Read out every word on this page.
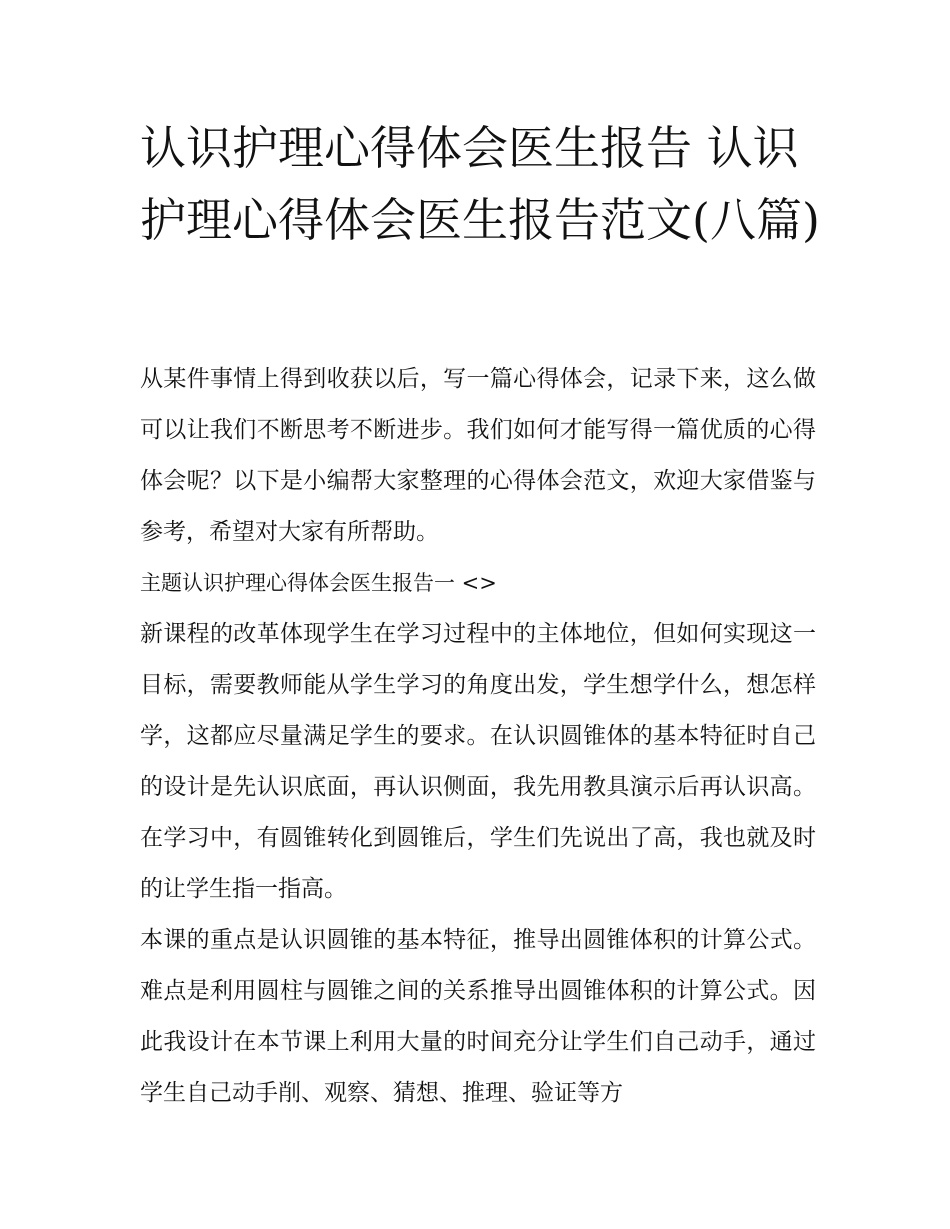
认识护理心得体会医生报告 认识护理心得体会医生报告范文(八篇)

从某件事情上得到收获以后，写一篇心得体会，记录下来，这么做可以让我们不断思考不断进步。我们如何才能写得一篇优质的心得体会呢？以下是小编帮大家整理的心得体会范文，欢迎大家借鉴与参考，希望对大家有所帮助。

主题认识护理心得体会医生报告一 <>

新课程的改革体现学生在学习过程中的主体地位，但如何实现这一目标，需要教师能从学生学习的角度出发，学生想学什么，想怎样学，这都应尽量满足学生的要求。在认识圆锥体的基本特征时自己的设计是先认识底面，再认识侧面，我先用教具演示后再认识高。在学习中，有圆锥转化到圆锥后，学生们先说出了高，我也就及时的让学生指一指高。

本课的重点是认识圆锥的基本特征，推导出圆锥体积的计算公式。难点是利用圆柱与圆锥之间的关系推导出圆锥体积的计算公式。因此我设计在本节课上利用大量的时间充分让学生们自己动手，通过学生自己动手削、观察、猜想、推理、验证等方
